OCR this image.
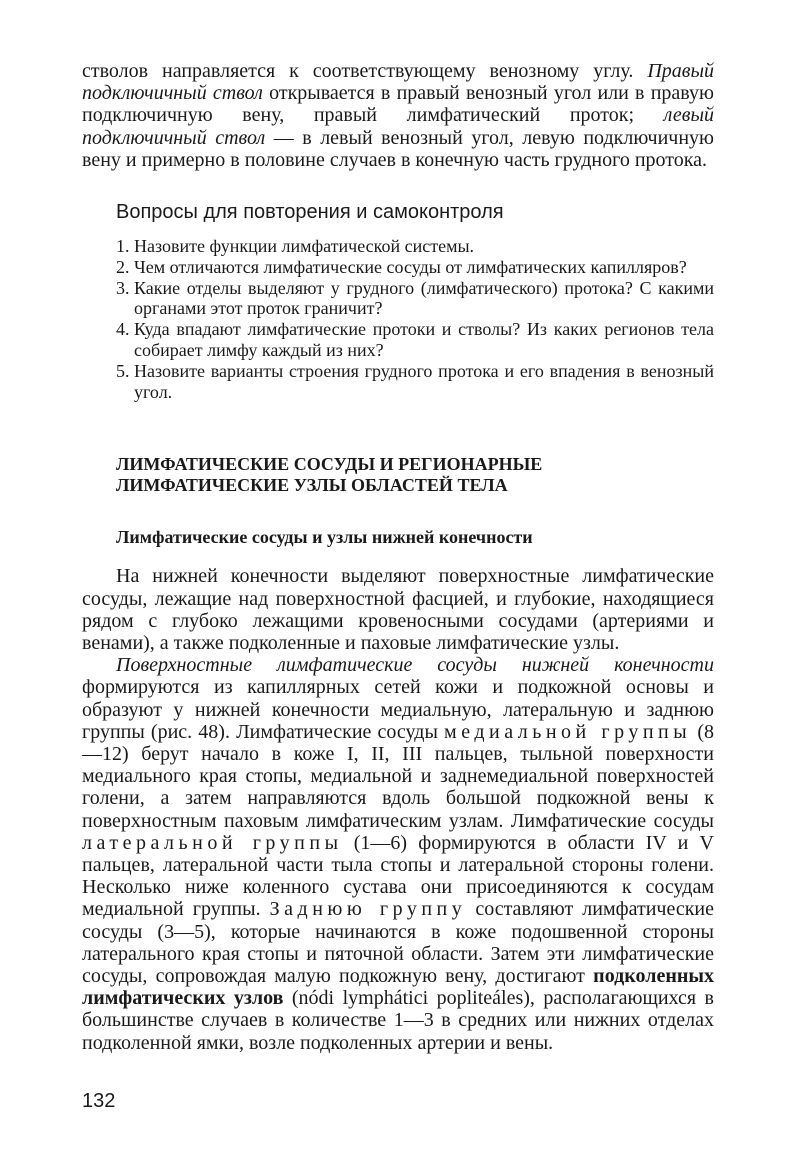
стволов направляется к соответствующему венозному углу. Правый подключичный ствол открывается в правый венозный угол или в правую подключичную вену, правый лимфатический проток; левый подключичный ствол — в левый венозный угол, левую подключичную вену и примерно в половине случаев в конечную часть грудного протока.

Вопросы для повторения и самоконтроля
1. Назовите функции лимфатической системы.
2. Чем отличаются лимфатические сосуды от лимфатических капилляров?
3. Какие отделы выделяют у грудного (лимфатического) протока? С какими органами этот проток граничит?
4. Куда впадают лимфатические протоки и стволы? Из каких регионов тела собирает лимфу каждый из них?
5. Назовите варианты строения грудного протока и его впадения в венозный угол.
ЛИМФАТИЧЕСКИЕ СОСУДЫ И РЕГИОНАРНЫЕ
ЛИМФАТИЧЕСКИЕ УЗЛЫ ОБЛАСТЕЙ ТЕЛА
Лимфатические сосуды и узлы нижней конечности

На нижней конечности выделяют поверхностные лимфатические сосуды, лежащие над поверхностной фасцией, и глубокие, находящиеся рядом с глубоко лежащими кровеносными сосудами (артериями и венами), а также подколенные и паховые лимфатические узлы.

Поверхностные лимфатические сосуды нижней конечности формируются из капиллярных сетей кожи и подкожной основы и образуют у нижней конечности медиальную, латеральную и заднюю группы (рис. 48). Лимфатические сосуды медиальной группы (8—12) берут начало в коже I, II, III пальцев, тыльной поверхности медиального края стопы, медиальной и заднемедиальной поверхностей голени, а затем направляются вдоль большой подкожной вены к поверхностным паховым лимфатическим узлам. Лимфатические сосуды латеральной группы (1—6) формируются в области IV и V пальцев, латеральной части тыла стопы и латеральной стороны голени. Несколько ниже коленного сустава они присоединяются к сосудам медиальной группы. Заднюю группу составляют лимфатические сосуды (3—5), которые начинаются в коже подошвенной стороны латерального края стопы и пяточной области. Затем эти лимфатические сосуды, сопровождая малую подкожную вену, достигают подколенных лимфатических узлов (nódi lymphátici popliteáles), располагающихся в большинстве случаев в количестве 1—3 в средних или нижних отделах подколенной ямки, возле подколенных артерии и вены.

132
